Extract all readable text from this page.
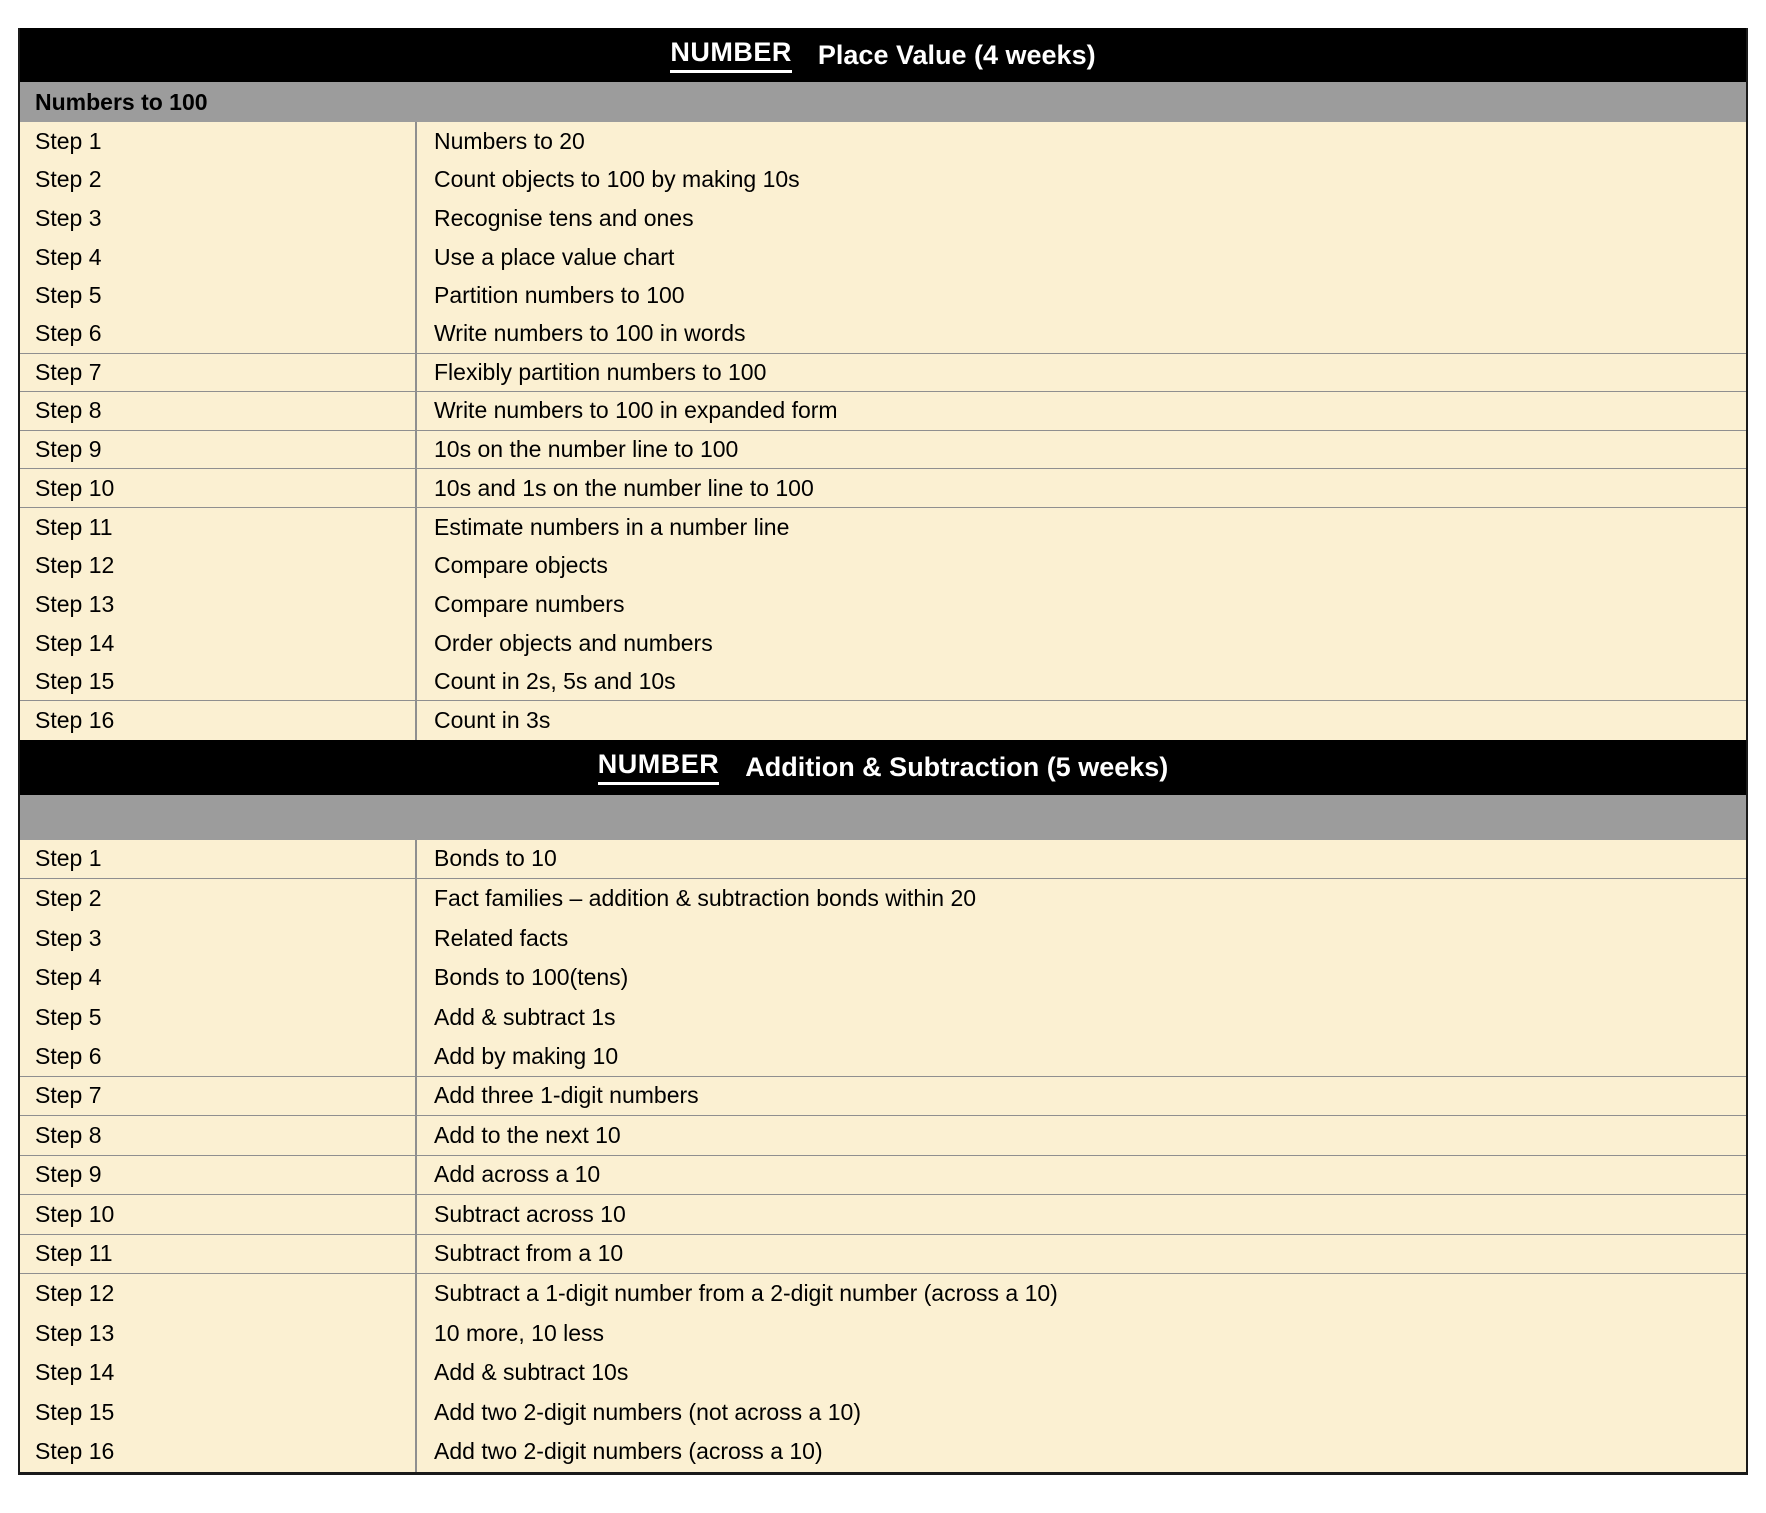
NUMBER Place Value (4 weeks)
Numbers to 100
Step 1	Numbers to 20
Step 2	Count objects to 100 by making 10s
Step 3	Recognise tens and ones
Step 4	Use a place value chart
Step 5	Partition numbers to 100
Step 6	Write numbers to 100 in words
Step 7	Flexibly partition numbers to 100
Step 8	Write numbers to 100 in expanded form
Step 9	10s on the number line to 100
Step 10	10s and 1s on the number line to 100
Step 11	Estimate numbers in a number line
Step 12	Compare objects
Step 13	Compare numbers
Step 14	Order objects and numbers
Step 15	Count in 2s, 5s and 10s
Step 16	Count in 3s
NUMBER Addition & Subtraction (5 weeks)
Step 1	Bonds to 10
Step 2	Fact families – addition & subtraction bonds within 20
Step 3	Related facts
Step 4	Bonds to 100(tens)
Step 5	Add & subtract 1s
Step 6	Add by making 10
Step 7	Add three 1-digit numbers
Step 8	Add to the next 10
Step 9	Add across a 10
Step 10	Subtract across 10
Step 11	Subtract from a 10
Step 12	Subtract a 1-digit number from a 2-digit number (across a 10)
Step 13	10 more, 10 less
Step 14	Add & subtract 10s
Step 15	Add two 2-digit numbers (not across a 10)
Step 16	Add two 2-digit numbers (across a 10)
